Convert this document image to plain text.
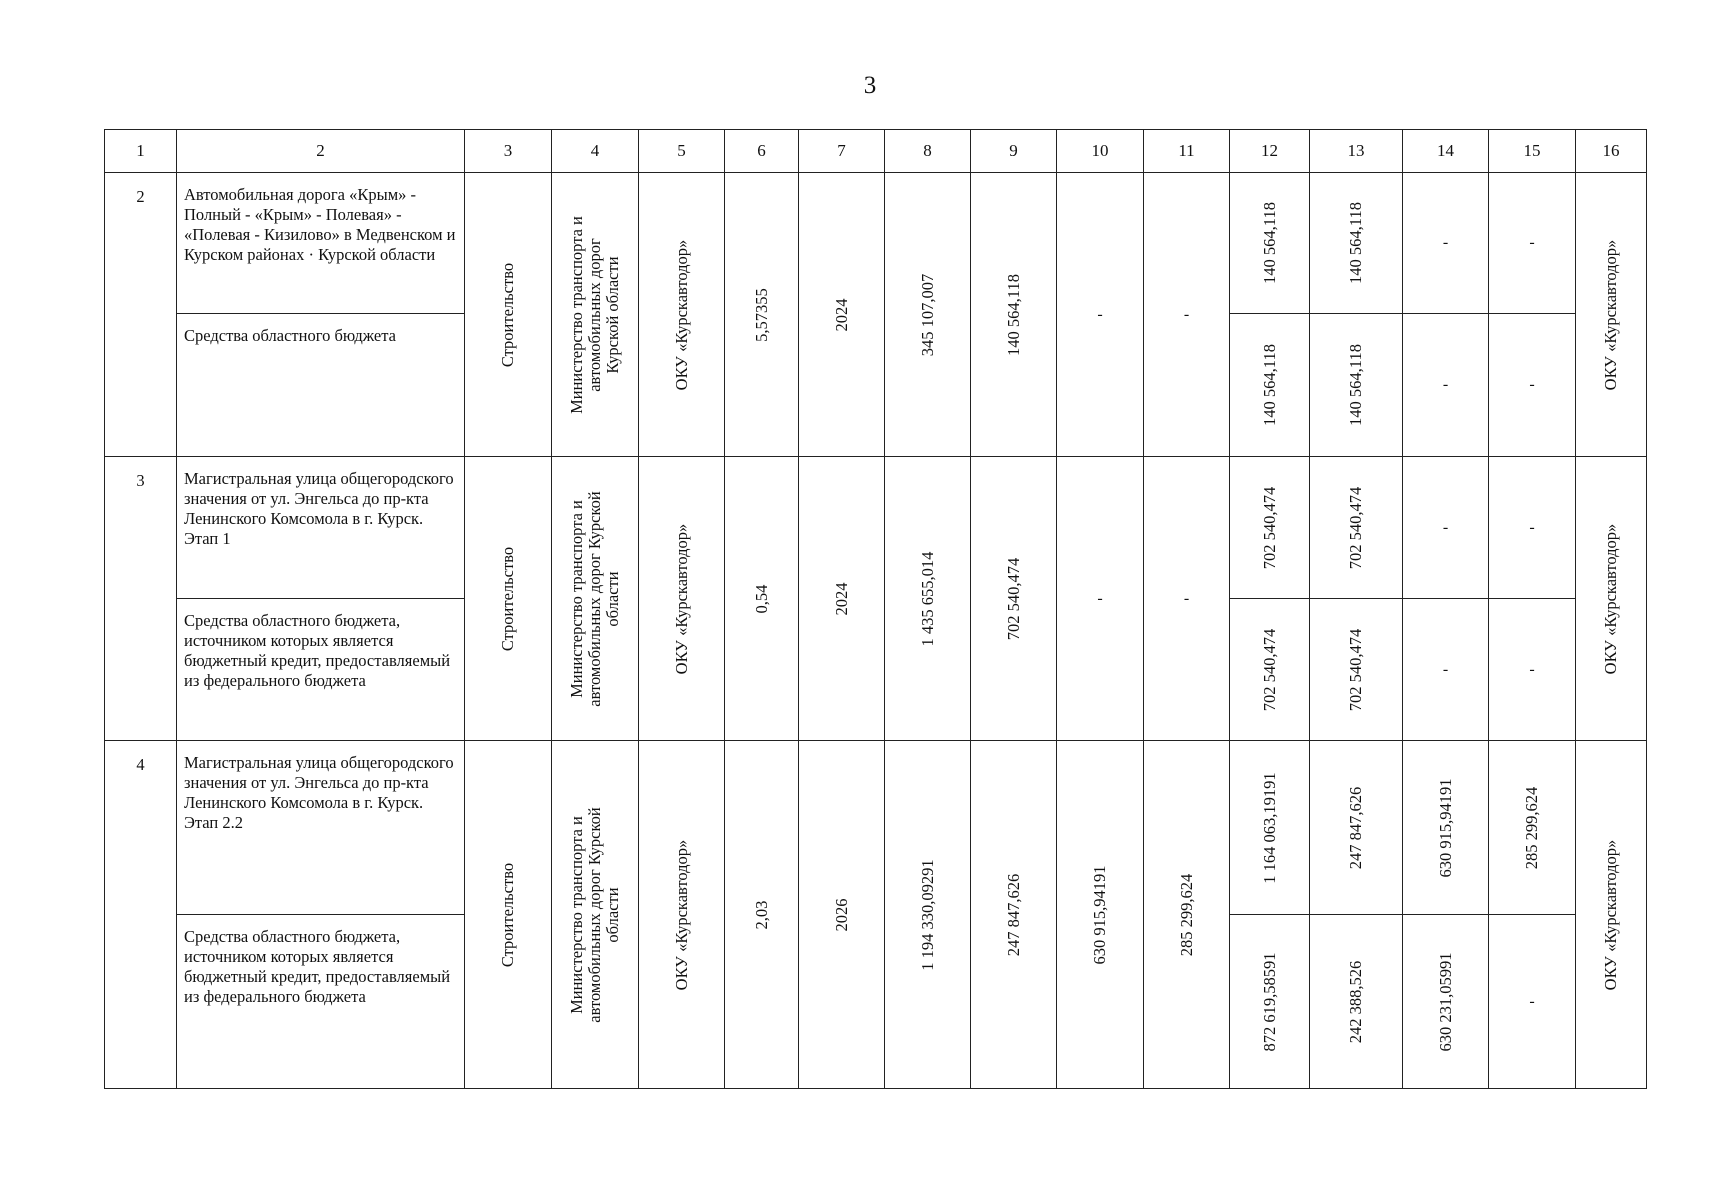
3
1	2	3	4	5	6	7	8	9	10	11	12	13	14	15	16
2	Автомобильная дорога «Крым» - Полный - «Крым» - Полевая» - «Полевая - Кизилово» в Медвенском и Курском районах · Курской области	Строительство	Министерство транспорта и автомобильных дорог Курской области	ОКУ «Курскавтодор»	5,57355	2024	345 107,007	140 564,118	-	-	140 564,118	140 564,118	-	-	ОКУ «Курскавтодор»

	Средства областного бюджета										140 564,118	140 564,118	-	-	

3	Магистральная улица общегородского значения от ул. Энгельса до пр-кта Ленинского Комсомола в г. Курск. Этап 1	Строительство	Министерство транспорта и автомобильных дорог Курской области	ОКУ «Курскавтодор»	0,54	2024	1 435 655,014	702 540,474	-	-	702 540,474	702 540,474	-	-	ОКУ «Курскавтодор»

	Средства областного бюджета, источником которых является бюджетный кредит, предоставляемый из федерального бюджета										702 540,474	702 540,474	-	-	

4	Магистральная улица общегородского значения от ул. Энгельса до пр-кта Ленинского Комсомола в г. Курск. Этап 2.2	Строительство	Министерство транспорта и автомобильных дорог Курской области	ОКУ «Курскавтодор»	2,03	2026	1 194 330,09291	247 847,626	630 915,94191	285 299,624	1 164 063,19191	247 847,626	630 915,94191	285 299,624	ОКУ «Курскавтодор»

	Средства областного бюджета, источником которых является бюджетный кредит, предоставляемый из федерального бюджета										872 619,58591	242 388,526	630 231,05991	-	
